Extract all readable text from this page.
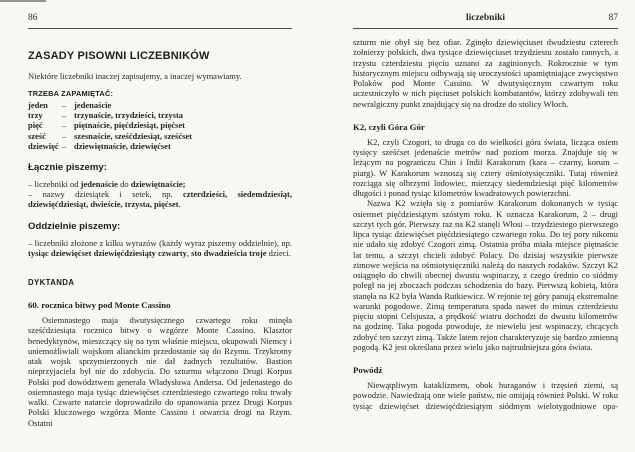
86
ZASADY PISOWNI LICZEBNIKÓW

Niektóre liczebniki inaczej zapisujemy, a inaczej wymawiamy.

TRZEBA ZAPAMIĘTAĆ:
jeden	– jedenaście
trzy	– trzynaście, trzydzieści, trzysta
pięć	– piętnaście, pięćdziesiąt, pięćset
sześć	– szesnaście, sześćdziesiąt, sześćset
dziewięć – dziewiętnaście, dziewięćset
Łącznie piszemy:
– liczebniki od jedenaście do dziewiętnaście;
– nazwy dziesiątek i setek, np. czterdzieści, siedemdziesiąt, dziewięćdziesiąt, dwieście, trzysta, pięćset.
Oddzielnie piszemy:
– liczebniki złożone z kilku wyrazów (każdy wyraz piszemy oddzielnie), np. tysiąc dziewięćset dziewięćdziesiąty czwarty, sto dwadzieścia troje dzieci.
DYKTANDA
60. rocznica bitwy pod Monte Cassino

Osiemnastego maja dwutysięcznego czwartego roku minęła sześćdziesiąta rocznica bitwy o wzgórze Monte Cassino. Klasztor benedyktynów, mieszczący się na tym właśnie miejscu, okupowali Niemcy i uniemożliwiali wojskom alianckim przedostanie się do Rzymu. Trzykrotny atak wojsk sprzymierzonych nie dał żadnych rezultatów. Bastion nieprzyjaciela był nie do zdobycia. Do szturmu włączono Drugi Korpus Polski pod dowództwem generała Władysława Andersa. Od jedenastego do osiemnastego maja tysiąc dziewięćset czterdziestego czwartego roku trwały walki. Czwarte natarcie doprowadziło do opanowania przez Drugi Korpus Polski kluczowego wzgórza Monte Cassino i otwarcia drogi na Rzym. Ostatni

liczebniki	87

szturm nie obył się bez ofiar. Zginęło dziewięciuset dwudziestu czterech żołnierzy polskich, dwa tysiące dziewięciuset trzydziestu zostało rannych, a trzystu czterdziestu pięciu uznano za zaginionych. Rokrocznie w tym historycznym miejscu odbywają się uroczystości upamiętniające zwycięstwo Polaków pod Monte Cassino. W dwutysięcznym czwartym roku uczestniczyło w nich pięciuset polskich kombatantów, którzy zdobywali ten newralgiczny punkt znajdujący się na drodze do stolicy Włoch.

K2, czyli Góra Gór

K2, czyli Czogori, to druga co do wielkości góra świata, licząca osiem tysięcy sześćset jedenaście metrów nad poziom morza. Znajduje się w leżącym na pograniczu Chin i Indii Karakorum (kara – czarny, korum – piarg). W Karakorum wznoszą się cztery ośmiotysięczniki. Tutaj również rozciąga się olbrzymi lodowiec, mierzący siedemdziesiąt pięć kilometrów długości i ponad tysiąc kilometrów kwadratowych powierzchni.

Nazwa K2 wzięła się z pomiarów Karakorum dokonanych w tysiąc osiemset pięćdziesiątym szóstym roku. K oznacza Karakorum, 2 – drugi szczyt tych gór. Pierwszy raz na K2 stanęli Włosi – trzydziestego pierwszego lipca tysiąc dziewięćset pięćdziesiątego czwartego roku. Do tej pory nikomu nie udało się zdobyć Czogori zimą. Ostatnia próba miała miejsce piętnaście lat temu, a szczyt chcieli zdobyć Polacy. Do dzisiaj wszystkie pierwsze zimowe wejścia na ośmiotysięczniki należą do naszych rodaków. Szczyt K2 osiągnęło do chwili obecnej dwustu wspinaczy, z czego średnio co siódmy poległ na jej zboczach podczas schodzenia do bazy. Pierwszą kobietą, która stanęła na K2 była Wanda Rutkiewicz. W rejonie tej góry panują ekstremalne warunki pogodowe. Zimą temperatura spada nawet do minus czterdziestu pięciu stopni Celsjusza, a prędkość wiatru dochodzi do dwustu kilometrów na godzinę. Taka pogoda powoduje, że niewielu jest wspinaczy, chcących zdobyć ten szczyt zimą. Także latem rejon charakteryzuje się bardzo zmienną pogodą. K2 jest określana przez wielu jako najtrudniejsza góra świata.

Powódź

Niewątpliwym kataklizmem, obok huraganów i trzęsień ziemi, są powodzie. Nawiedzają one wiele państw, nie omijają również Polski. W roku tysiąc dziewięćset dziewięćdziesiątym siódmym wielotygodniowe opa-
